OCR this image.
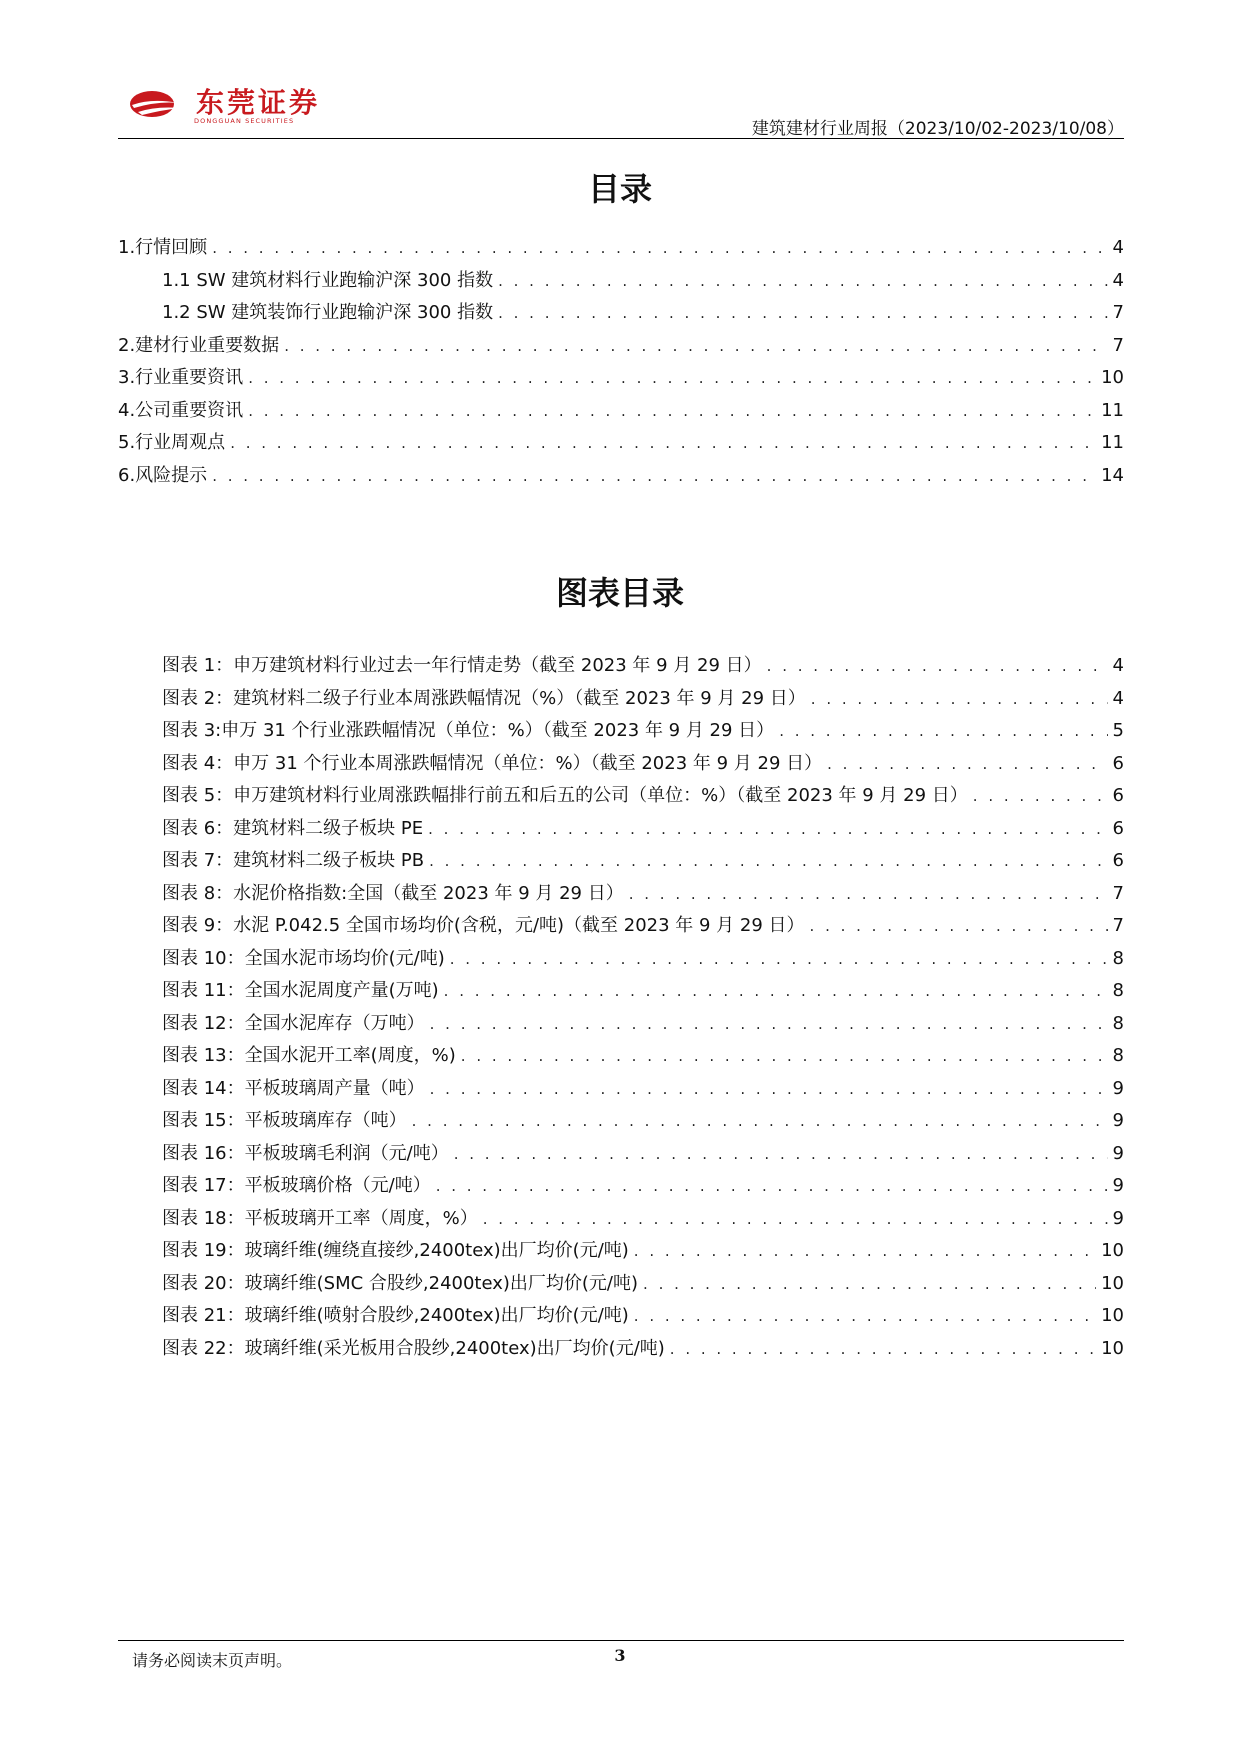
东莞证券
DONGGUAN SECURITIES	建筑建材行业周报（2023/10/02-2023/10/08）
目录
1.行情回顾 . . .	4
1.1 SW 建筑材料行业跑输沪深 300 指数 . . .	4
1.2 SW 建筑装饰行业跑输沪深 300 指数 . . .	7
2.建材行业重要数据 . . .	7
3.行业重要资讯 . . .	10
4.公司重要资讯 . . .	11
5.行业周观点 . . .	11
6.风险提示 . . .	14
图表目录
图表 1：申万建筑材料行业过去一年行情走势（截至 2023 年 9 月 29 日） . . .	4
图表 2：建筑材料二级子行业本周涨跌幅情况（%）（截至 2023 年 9 月 29 日） . . .	4
图表 3:申万 31 个行业涨跌幅情况（单位：%）（截至 2023 年 9 月 29 日） . . .	5
图表 4：申万 31 个行业本周涨跌幅情况（单位：%）（截至 2023 年 9 月 29 日） . . .	6
图表 5：申万建筑材料行业周涨跌幅排行前五和后五的公司（单位：%）（截至 2023 年 9 月 29 日） . . .	6
图表 6：建筑材料二级子板块 PE . . .	6
图表 7：建筑材料二级子板块 PB . . .	6
图表 8：水泥价格指数:全国（截至 2023 年 9 月 29 日） . . .	7
图表 9：水泥 P.042.5 全国市场均价(含税，元/吨)（截至 2023 年 9 月 29 日） . . .	7
图表 10：全国水泥市场均价(元/吨) . . .	8
图表 11：全国水泥周度产量(万吨) . . .	8
图表 12：全国水泥库存（万吨） . . .	8
图表 13：全国水泥开工率(周度，%) . . .	8
图表 14：平板玻璃周产量（吨） . . .	9
图表 15：平板玻璃库存（吨） . . .	9
图表 16：平板玻璃毛利润（元/吨） . . .	9
图表 17：平板玻璃价格（元/吨） . . .	9
图表 18：平板玻璃开工率（周度，%） . . .	9
图表 19：玻璃纤维(缠绕直接纱,2400tex)出厂均价(元/吨) . . .	10
图表 20：玻璃纤维(SMC 合股纱,2400tex)出厂均价(元/吨) . . .	10
图表 21：玻璃纤维(喷射合股纱,2400tex)出厂均价(元/吨) . . .	10
图表 22：玻璃纤维(采光板用合股纱,2400tex)出厂均价(元/吨) . . .	10
请务必阅读末页声明。	3
